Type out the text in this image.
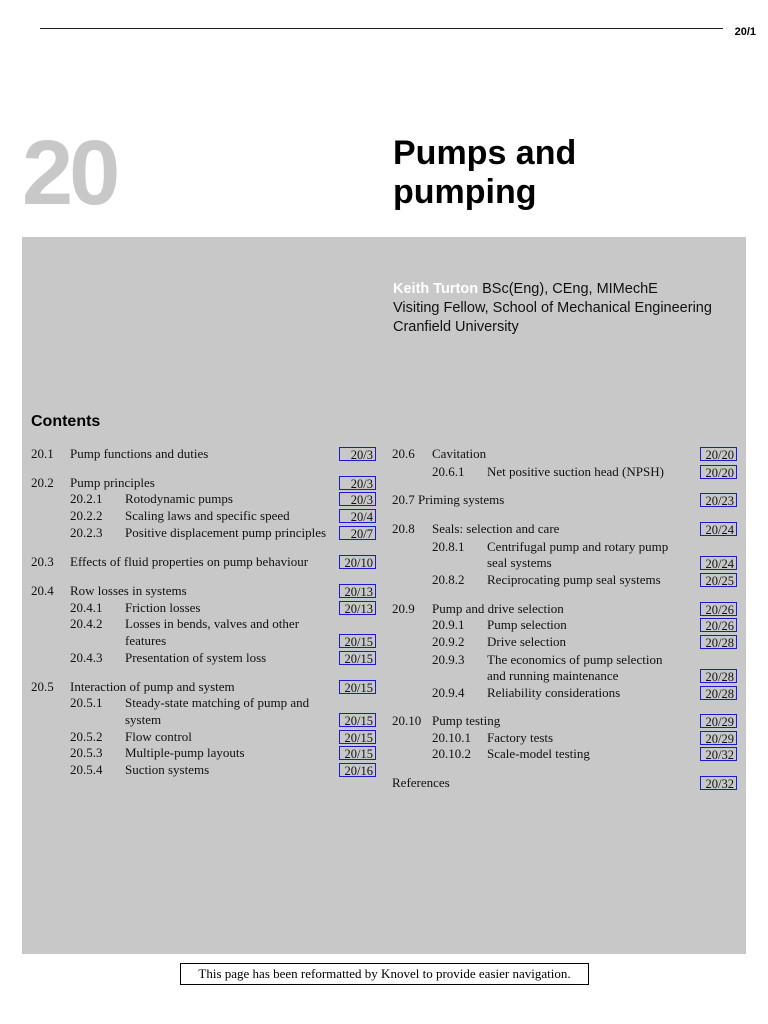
20/1
20	Pumps and
pumping
Keith Turton BSc(Eng), CEng, MIMechE
Visiting Fellow, School of Mechanical Engineering
Cranfield University
Contents
20.1 Pump functions and duties	20/3
20.2 Pump principles	20/3
20.2.1 Rotodynamic pumps	20/3
20.2.2 Scaling laws and specific speed	20/4
20.2.3 Positive displacement pump principles	20/7
20.3 Effects of fluid properties on pump behaviour	20/10
20.4 Row losses in systems	20/13
20.4.1 Friction losses	20/13
20.4.2 Losses in bends, valves and other
features	20/15
20.4.3 Presentation of system loss	20/15
20.5 Interaction of pump and system	20/15
20.5.1 Steady-state matching of pump and
system	20/15
20.5.2 Flow control	20/15
20.5.3 Multiple-pump layouts	20/15
20.5.4 Suction systems	20/16
20.6 Cavitation	20/20
20.6.1 Net positive suction head (NPSH)	20/20
20.7 Priming systems	20/23
20.8 Seals: selection and care	20/24
20.8.1 Centrifugal pump and rotary pump
seal systems	20/24
20.8.2 Reciprocating pump seal systems	20/25
20.9 Pump and drive selection	20/26
20.9.1 Pump selection	20/26
20.9.2 Drive selection	20/28
20.9.3 The economics of pump selection
and running maintenance	20/28
20.9.4 Reliability considerations	20/28
20.10 Pump testing	20/29
20.10.1 Factory tests	20/29
20.10.2 Scale-model testing	20/32
References	20/32
This page has been reformatted by Knovel to provide easier navigation.
